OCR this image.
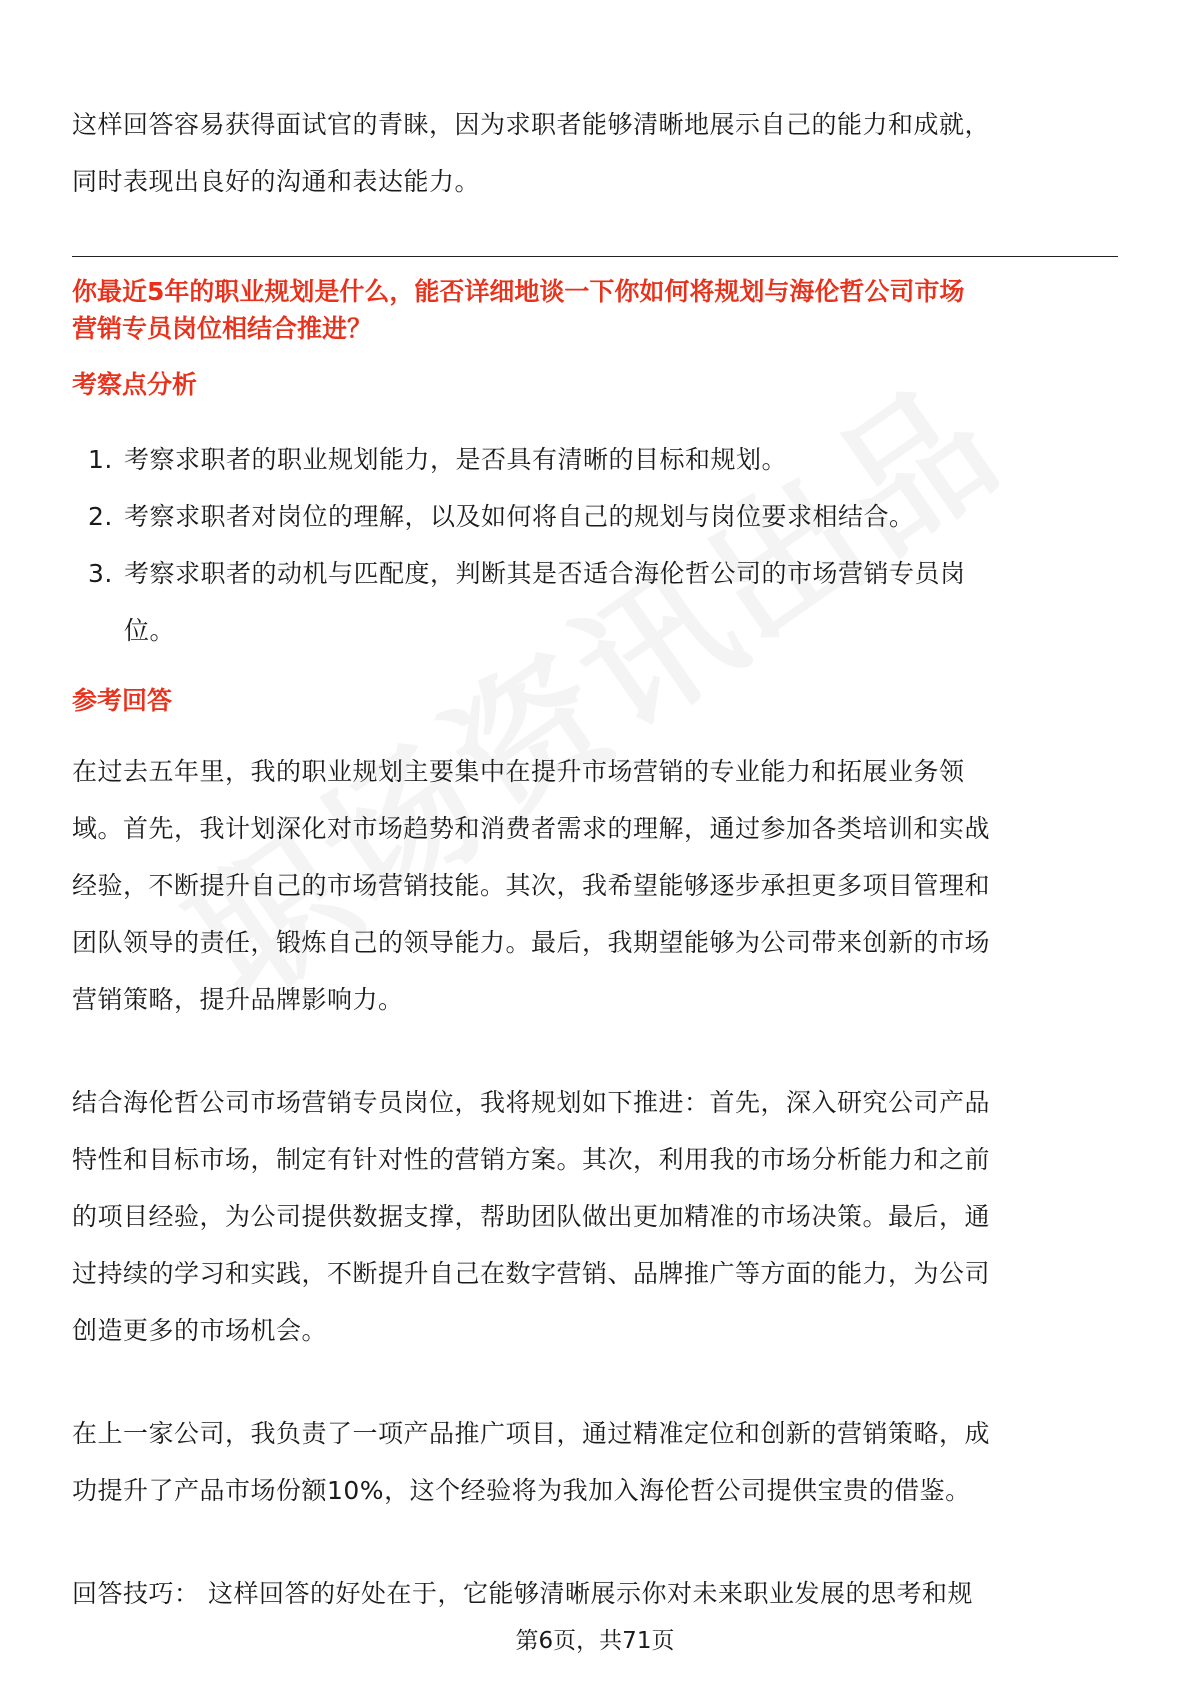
这样回答容易获得面试官的青睐，因为求职者能够清晰地展示自己的能力和成就，

同时表现出良好的沟通和表达能力。

你最近5年的职业规划是什么，能否详细地谈一下你如何将规划与海伦哲公司市场
营销专员岗位相结合推进？
考察点分析
1. 考察求职者的职业规划能力，是否具有清晰的目标和规划。
2. 考察求职者对岗位的理解，以及如何将自己的规划与岗位要求相结合。
3. 考察求职者的动机与匹配度，判断其是否适合海伦哲公司的市场营销专员岗
位。
参考回答

在过去五年里，我的职业规划主要集中在提升市场营销的专业能力和拓展业务领

域。首先，我计划深化对市场趋势和消费者需求的理解，通过参加各类培训和实战

经验，不断提升自己的市场营销技能。其次，我希望能够逐步承担更多项目管理和

团队领导的责任，锻炼自己的领导能力。最后，我期望能够为公司带来创新的市场

营销策略，提升品牌影响力。

结合海伦哲公司市场营销专员岗位，我将规划如下推进：首先，深入研究公司产品

特性和目标市场，制定有针对性的营销方案。其次，利用我的市场分析能力和之前

的项目经验，为公司提供数据支撑，帮助团队做出更加精准的市场决策。最后，通

过持续的学习和实践，不断提升自己在数字营销、品牌推广等方面的能力，为公司

创造更多的市场机会。

在上一家公司，我负责了一项产品推广项目，通过精准定位和创新的营销策略，成

功提升了产品市场份额10%，这个经验将为我加入海伦哲公司提供宝贵的借鉴。

回答技巧： 这样回答的好处在于，它能够清晰展示你对未来职业发展的思考和规

第6页，共71页
